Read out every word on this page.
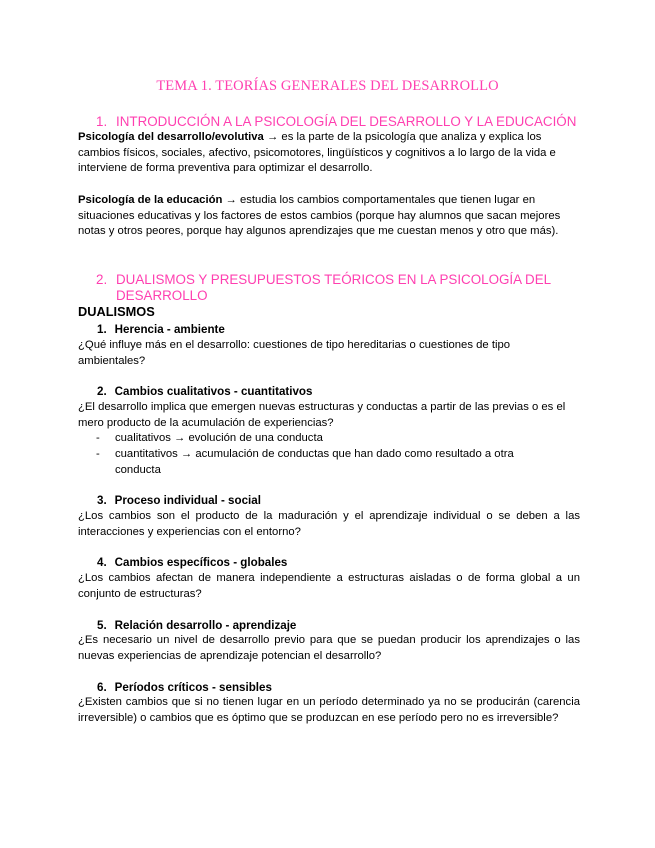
TEMA 1. TEORÍAS GENERALES DEL DESARROLLO
1. INTRODUCCIÓN A LA PSICOLOGÍA DEL DESARROLLO Y LA EDUCACIÓN
Psicología del desarrollo/evolutiva → es la parte de la psicología que analiza y explica los cambios físicos, sociales, afectivo, psicomotores, lingüísticos y cognitivos a lo largo de la vida e interviene de forma preventiva para optimizar el desarrollo.
Psicología de la educación → estudia los cambios comportamentales que tienen lugar en situaciones educativas y los factores de estos cambios (porque hay alumnos que sacan mejores notas y otros peores, porque hay algunos aprendizajes que me cuestan menos y otro que más).
2. DUALISMOS Y PRESUPUESTOS TEÓRICOS EN LA PSICOLOGÍA DEL
DESARROLLO
DUALISMOS
1. Herencia - ambiente
¿Qué influye más en el desarrollo: cuestiones de tipo hereditarias o cuestiones de tipo ambientales?
2. Cambios cualitativos - cuantitativos
¿El desarrollo implica que emergen nuevas estructuras y conductas a partir de las previas o es el mero producto de la acumulación de experiencias?
- cualitativos → evolución de una conducta
- cuantitativos → acumulación de conductas que han dado como resultado a otra conducta
3. Proceso individual - social
¿Los cambios son el producto de la maduración y el aprendizaje individual o se deben a las interacciones y experiencias con el entorno?
4. Cambios específicos - globales
¿Los cambios afectan de manera independiente a estructuras aisladas o de forma global a un conjunto de estructuras?
5. Relación desarrollo - aprendizaje
¿Es necesario un nivel de desarrollo previo para que se puedan producir los aprendizajes o las nuevas experiencias de aprendizaje potencian el desarrollo?
6. Períodos críticos - sensibles
¿Existen cambios que si no tienen lugar en un período determinado ya no se producirán (carencia irreversible) o cambios que es óptimo que se produzcan en ese período pero no es irreversible?
